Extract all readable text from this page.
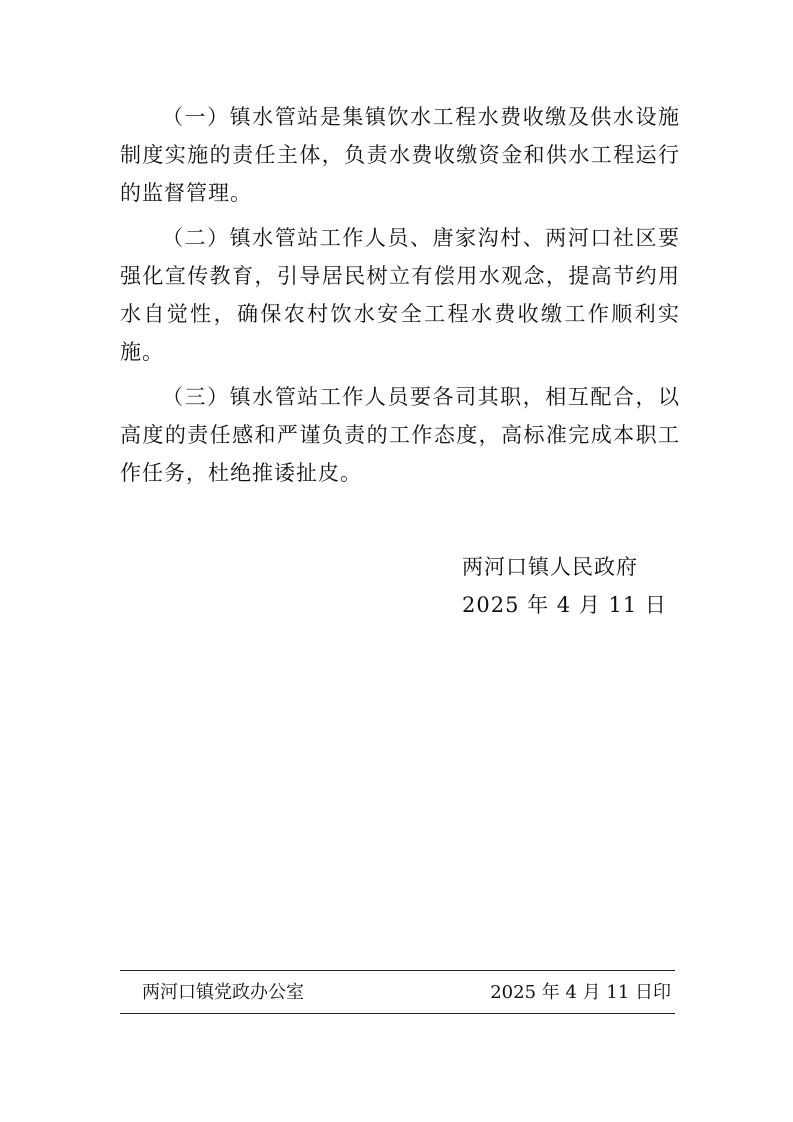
（一）镇水管站是集镇饮水工程水费收缴及供水设施制度实施的责任主体，负责水费收缴资金和供水工程运行的监督管理。

（二）镇水管站工作人员、唐家沟村、两河口社区要强化宣传教育，引导居民树立有偿用水观念，提高节约用水自觉性，确保农村饮水安全工程水费收缴工作顺利实施。

（三）镇水管站工作人员要各司其职，相互配合，以高度的责任感和严谨负责的工作态度，高标准完成本职工作任务，杜绝推诿扯皮。

两河口镇人民政府
2025 年 4 月 11 日
两河口镇党政办公室	2025 年 4 月 11 日印
